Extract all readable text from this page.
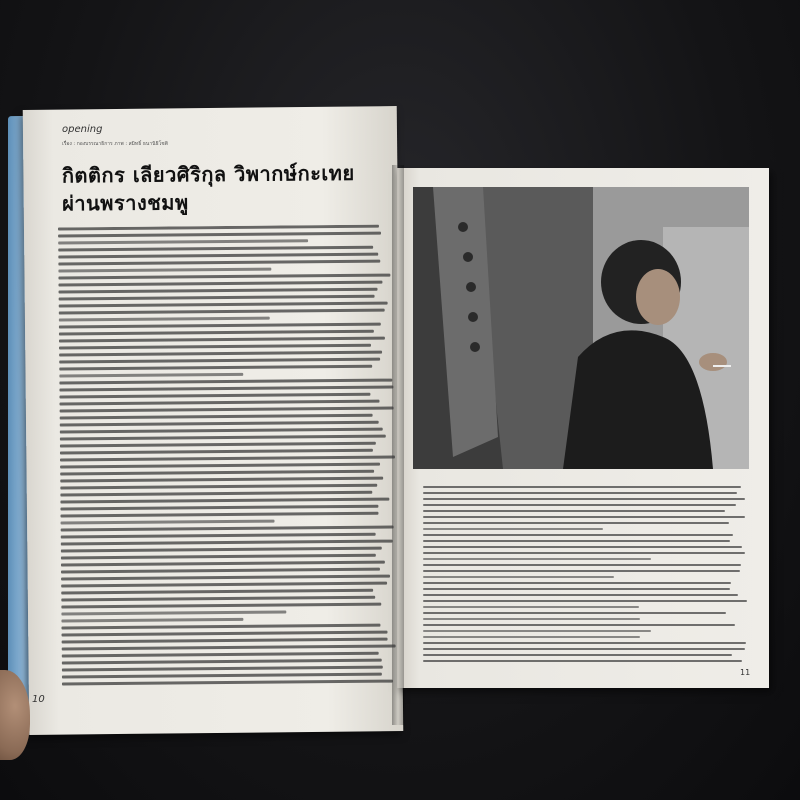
opening
เรื่อง : กองบรรณาธิการ ภาพ : สมิทธิ์ ธนานิธิโชติ
กิตติกร เลียวศิริกุล วิพากษ์กะเทย
ผ่านพรางชมพู
10
11
